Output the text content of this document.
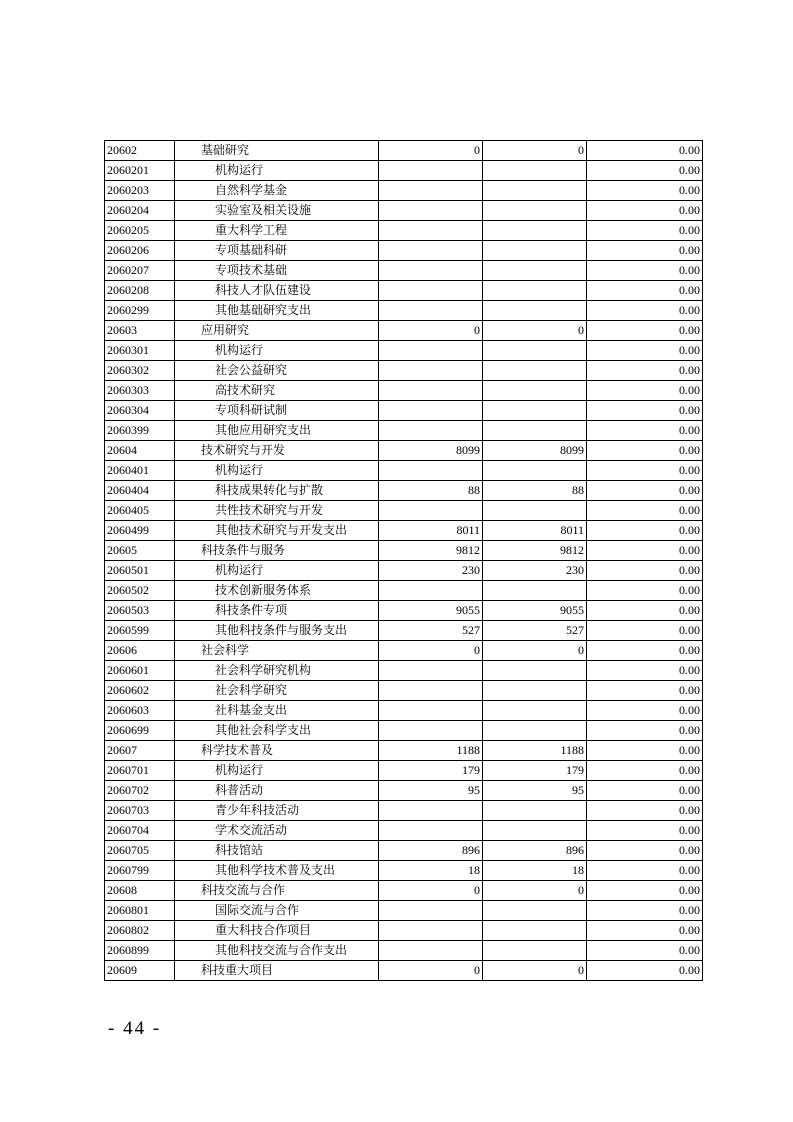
20602	基础研究	0	0	0.00
2060201	机构运行			0.00
2060203	自然科学基金			0.00
2060204	实验室及相关设施			0.00
2060205	重大科学工程			0.00
2060206	专项基础科研			0.00
2060207	专项技术基础			0.00
2060208	科技人才队伍建设			0.00
2060299	其他基础研究支出			0.00
20603	应用研究	0	0	0.00
2060301	机构运行			0.00
2060302	社会公益研究			0.00
2060303	高技术研究			0.00
2060304	专项科研试制			0.00
2060399	其他应用研究支出			0.00
20604	技术研究与开发	8099	8099	0.00
2060401	机构运行			0.00
2060404	科技成果转化与扩散	88	88	0.00
2060405	共性技术研究与开发			0.00
2060499	其他技术研究与开发支出	8011	8011	0.00
20605	科技条件与服务	9812	9812	0.00
2060501	机构运行	230	230	0.00
2060502	技术创新服务体系			0.00
2060503	科技条件专项	9055	9055	0.00
2060599	其他科技条件与服务支出	527	527	0.00
20606	社会科学	0	0	0.00
2060601	社会科学研究机构			0.00
2060602	社会科学研究			0.00
2060603	社科基金支出			0.00
2060699	其他社会科学支出			0.00
20607	科学技术普及	1188	1188	0.00
2060701	机构运行	179	179	0.00
2060702	科普活动	95	95	0.00
2060703	青少年科技活动			0.00
2060704	学术交流活动			0.00
2060705	科技馆站	896	896	0.00
2060799	其他科学技术普及支出	18	18	0.00
20608	科技交流与合作	0	0	0.00
2060801	国际交流与合作			0.00
2060802	重大科技合作项目			0.00
2060899	其他科技交流与合作支出			0.00
20609	科技重大项目	0	0	0.00
- 44 -
